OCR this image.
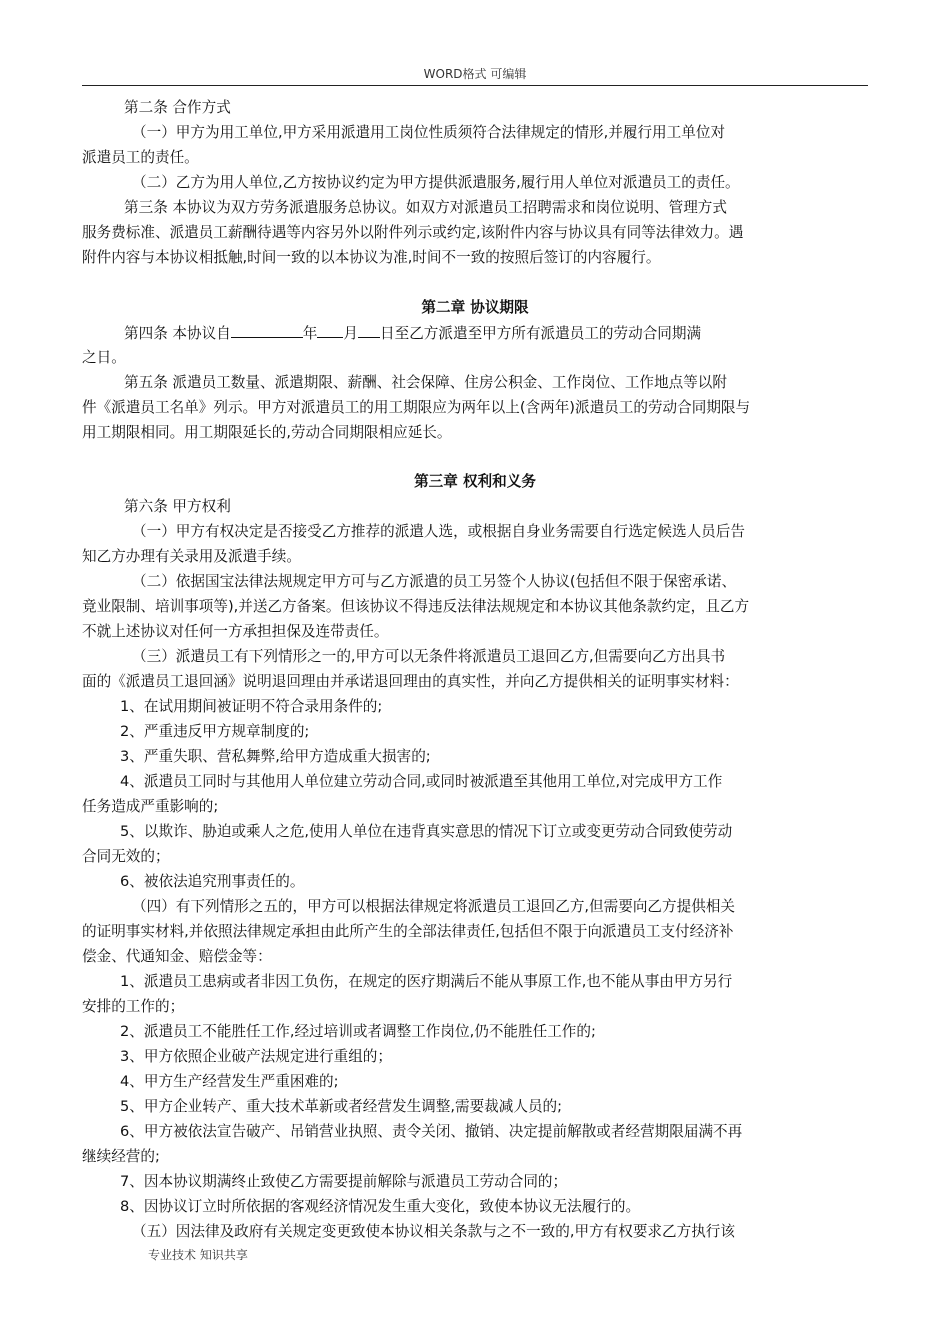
WORD格式 可编辑
第二条 合作方式
（一）甲方为用工单位,甲方采用派遣用工岗位性质须符合法律规定的情形,并履行用工单位对
派遣员工的责任。
（二）乙方为用人单位,乙方按协议约定为甲方提供派遣服务,履行用人单位对派遣员工的责任。
第三条 本协议为双方劳务派遣服务总协议。如双方对派遣员工招聘需求和岗位说明、管理方式
服务费标准、派遣员工薪酬待遇等内容另外以附件列示或约定,该附件内容与协议具有同等法律效力。遇
附件内容与本协议相抵触,时间一致的以本协议为准,时间不一致的按照后签订的内容履行。
第二章 协议期限
第四条 本协议自	年 月 日至乙方派遣至甲方所有派遣员工的劳动合同期满
之日。
第五条 派遣员工数量、派遣期限、薪酬、社会保障、住房公积金、工作岗位、工作地点等以附
件《派遣员工名单》列示。甲方对派遣员工的用工期限应为两年以上(含两年)派遣员工的劳动合同期限与
用工期限相同。用工期限延长的,劳动合同期限相应延长。
第三章 权利和义务
第六条 甲方权利
（一）甲方有权决定是否接受乙方推荐的派遣人选，或根据自身业务需要自行选定候选人员后告
知乙方办理有关录用及派遣手续。
（二）依据国宝法律法规规定甲方可与乙方派遣的员工另签个人协议(包括但不限于保密承诺、
竟业限制、培训事项等),并送乙方备案。但该协议不得违反法律法规规定和本协议其他条款约定，且乙方
不就上述协议对任何一方承担担保及连带责任。
（三）派遣员工有下列情形之一的,甲方可以无条件将派遣员工退回乙方,但需要向乙方出具书
面的《派遣员工退回涵》说明退回理由并承诺退回理由的真实性，并向乙方提供相关的证明事实材料：
1、在试用期间被证明不符合录用条件的;
2、严重违反甲方规章制度的;
3、严重失职、营私舞弊,给甲方造成重大损害的;
4、派遣员工同时与其他用人单位建立劳动合同,或同时被派遣至其他用工单位,对完成甲方工作
任务造成严重影响的;
5、以欺诈、胁迫或乘人之危,使用人单位在违背真实意思的情况下订立或变更劳动合同致使劳动
合同无效的；
6、被依法追究刑事责任的。
（四）有下列情形之五的，甲方可以根据法律规定将派遣员工退回乙方,但需要向乙方提供相关
的证明事实材料,并依照法律规定承担由此所产生的全部法律责任,包括但不限于向派遣员工支付经济补
偿金、代通知金、赔偿金等：
1、派遣员工患病或者非因工负伤，在规定的医疗期满后不能从事原工作,也不能从事由甲方另行
安排的工作的；
2、派遣员工不能胜任工作,经过培训或者调整工作岗位,仍不能胜任工作的;
3、甲方依照企业破产法规定进行重组的；
4、甲方生产经营发生严重困难的;
5、甲方企业转产、重大技术革新或者经营发生调整,需要裁减人员的;
6、甲方被依法宣告破产、吊销营业执照、责令关闭、撤销、决定提前解散或者经营期限届满不再
继续经营的;
7、因本协议期满终止致使乙方需要提前解除与派遣员工劳动合同的；
8、因协议订立时所依据的客观经济情况发生重大变化，致使本协议无法履行的。
（五）因法律及政府有关规定变更致使本协议相关条款与之不一致的,甲方有权要求乙方执行该
专业技术 知识共享
